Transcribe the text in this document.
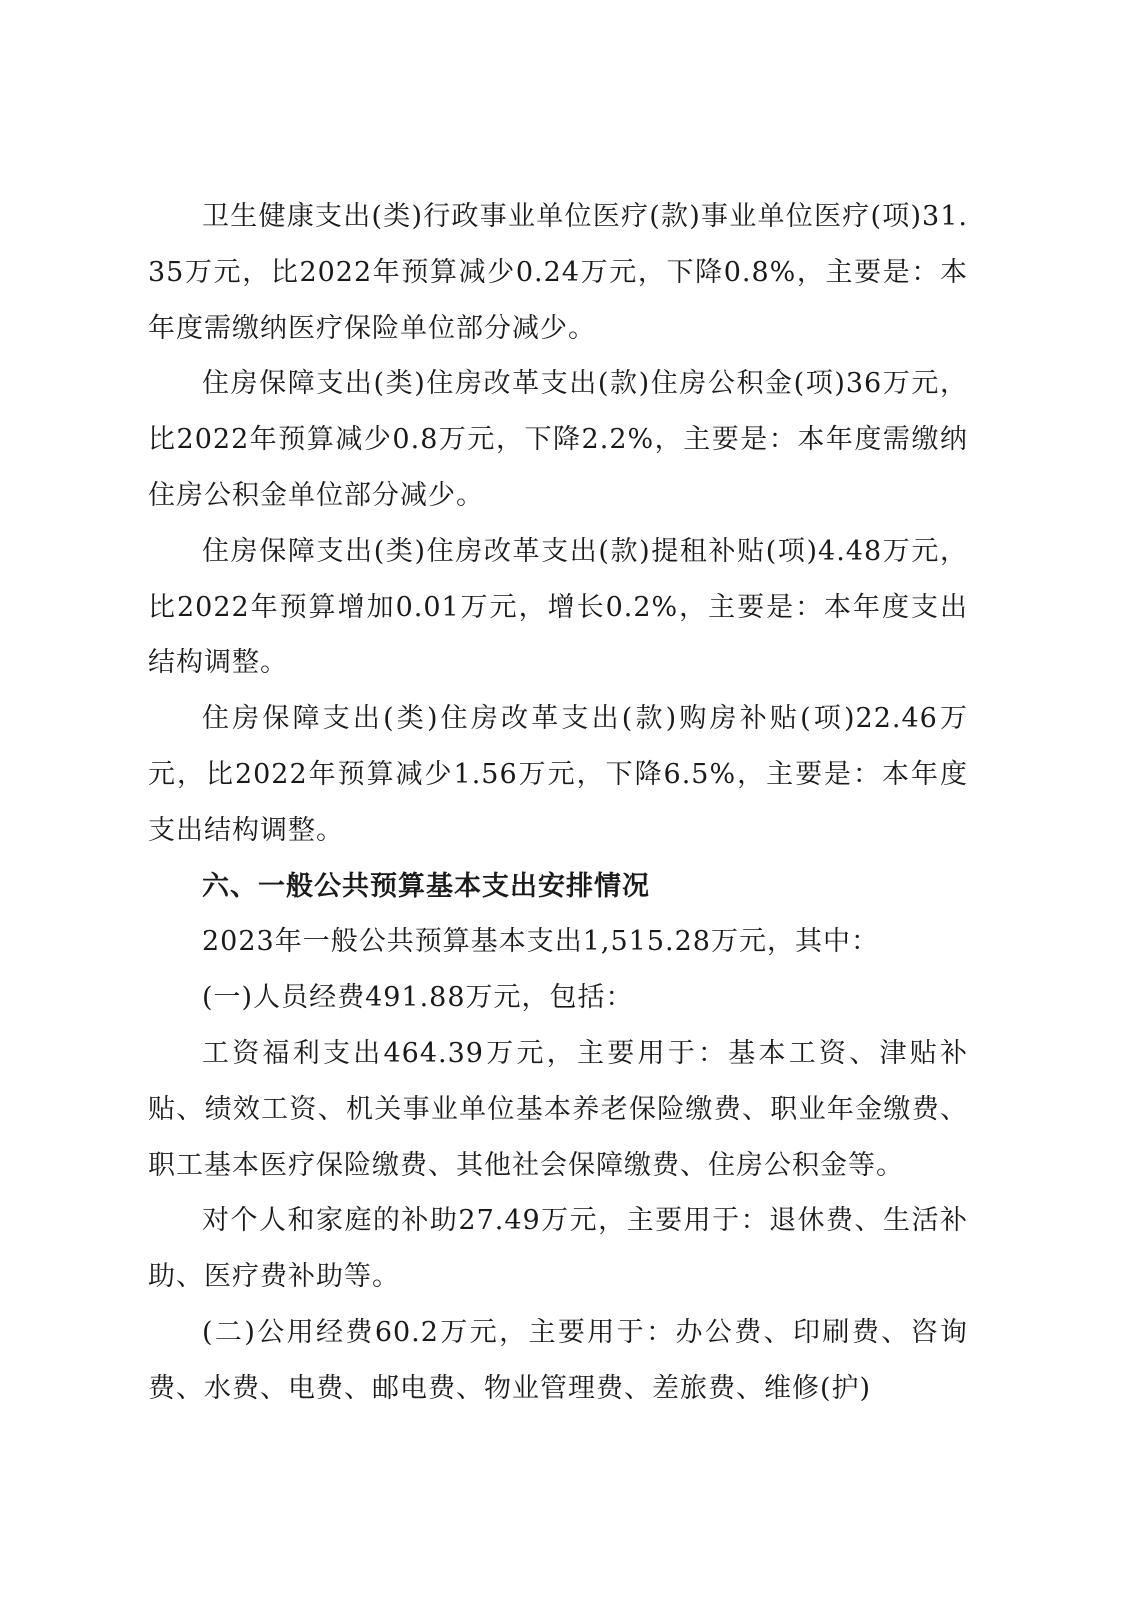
卫生健康支出(类)行政事业单位医疗(款)事业单位医疗(项)31.35万元，比2022年预算减少0.24万元，下降0.8%，主要是：本年度需缴纳医疗保险单位部分减少。

住房保障支出(类)住房改革支出(款)住房公积金(项)36万元，比2022年预算减少0.8万元，下降2.2%，主要是：本年度需缴纳住房公积金单位部分减少。

住房保障支出(类)住房改革支出(款)提租补贴(项)4.48万元，比2022年预算增加0.01万元，增长0.2%，主要是：本年度支出结构调整。

住房保障支出(类)住房改革支出(款)购房补贴(项)22.46万元，比2022年预算减少1.56万元，下降6.5%，主要是：本年度支出结构调整。

六、一般公共预算基本支出安排情况

2023年一般公共预算基本支出1,515.28万元，其中：

(一)人员经费491.88万元，包括：

工资福利支出464.39万元，主要用于：基本工资、津贴补贴、绩效工资、机关事业单位基本养老保险缴费、职业年金缴费、职工基本医疗保险缴费、其他社会保障缴费、住房公积金等。

对个人和家庭的补助27.49万元，主要用于：退休费、生活补助、医疗费补助等。

(二)公用经费60.2万元，主要用于：办公费、印刷费、咨询费、水费、电费、邮电费、物业管理费、差旅费、维修(护)
